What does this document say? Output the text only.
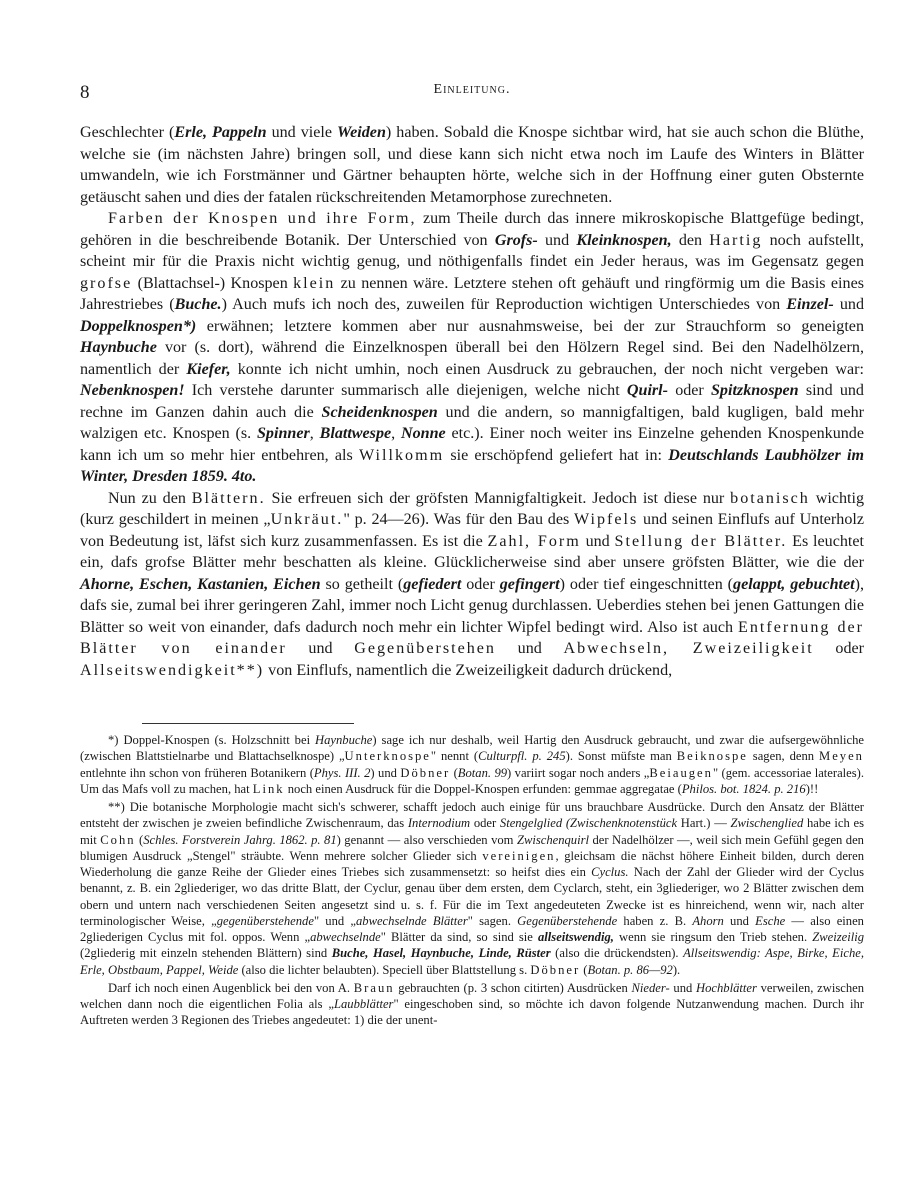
8	Einleitung.

Geschlechter (Erle, Pappeln und viele Weiden) haben. Sobald die Knospe sichtbar wird, hat sie auch schon die Blüthe, welche sie (im nächsten Jahre) bringen soll, und diese kann sich nicht etwa noch im Laufe des Winters in Blätter umwandeln, wie ich Forstmänner und Gärtner behaupten hörte, welche sich in der Hoffnung einer guten Obsternte getäuscht sahen und dies der fatalen rückschreitenden Metamorphose zurechneten.

Farben der Knospen und ihre Form, zum Theile durch das innere mikroskopische Blattgefüge bedingt, gehören in die beschreibende Botanik. Der Unterschied von Grofs- und Kleinknospen, den Hartig noch aufstellt, scheint mir für die Praxis nicht wichtig genug, und nöthigenfalls findet ein Jeder heraus, was im Gegensatz gegen grofse (Blattachsel-) Knospen klein zu nennen wäre. Letztere stehen oft gehäuft und ringförmig um die Basis eines Jahrestriebes (Buche.) Auch mufs ich noch des, zuweilen für Reproduction wichtigen Unterschiedes von Einzel- und Doppelknospen*) erwähnen; letztere kommen aber nur ausnahmsweise, bei der zur Strauchform so geneigten Haynbuche vor (s. dort), während die Einzelknospen überall bei den Hölzern Regel sind. Bei den Nadelhölzern, namentlich der Kiefer, konnte ich nicht umhin, noch einen Ausdruck zu gebrauchen, der noch nicht vergeben war: Nebenknospen! Ich verstehe darunter summarisch alle diejenigen, welche nicht Quirl- oder Spitzknospen sind und rechne im Ganzen dahin auch die Scheidenknospen und die andern, so mannigfaltigen, bald kugligen, bald mehr walzigen etc. Knospen (s. Spinner, Blattwespe, Nonne etc.). Einer noch weiter ins Einzelne gehenden Knospenkunde kann ich um so mehr hier entbehren, als Willkomm sie erschöpfend geliefert hat in: Deutschlands Laubhölzer im Winter, Dresden 1859. 4to.

Nun zu den Blättern. Sie erfreuen sich der gröfsten Mannigfaltigkeit. Jedoch ist diese nur botanisch wichtig (kurz geschildert in meinen „Unkräut." p. 24—26). Was für den Bau des Wipfels und seinen Einflufs auf Unterholz von Bedeutung ist, läfst sich kurz zusammenfassen. Es ist die Zahl, Form und Stellung der Blätter. Es leuchtet ein, dafs grofse Blätter mehr beschatten als kleine. Glücklicherweise sind aber unsere gröfsten Blätter, wie die der Ahorne, Eschen, Kastanien, Eichen so getheilt (gefiedert oder gefingert) oder tief eingeschnitten (gelappt, gebuchtet), dafs sie, zumal bei ihrer geringeren Zahl, immer noch Licht genug durchlassen. Ueberdies stehen bei jenen Gattungen die Blätter so weit von einander, dafs dadurch noch mehr ein lichter Wipfel bedingt wird. Also ist auch Entfernung der Blätter von einander und Gegenüberstehen und Abwechseln, Zweizeiligkeit oder Allseitswendigkeit**) von Einflufs, namentlich die Zweizeiligkeit dadurch drückend,

*) Doppel-Knospen (s. Holzschnitt bei Haynbuche) sage ich nur deshalb, weil Hartig den Ausdruck gebraucht, und zwar die aufsergewöhnliche (zwischen Blattstielnarbe und Blattachselknospe) „Unterknospe" nennt (Culturpfl. p. 245). Sonst müfste man Beiknospe sagen, denn Meyen entlehnte ihn schon von früheren Botanikern (Phys. III. 2) und Döbner (Botan. 99) variirt sogar noch anders „Beiaugen" (gem. accessoriae laterales). Um das Mafs voll zu machen, hat Link noch einen Ausdruck für die Doppel-Knospen erfunden: gemmae aggregatae (Philos. bot. 1824. p. 216)!!

**) Die botanische Morphologie macht sich's schwerer, schafft jedoch auch einige für uns brauchbare Ausdrücke. Durch den Ansatz der Blätter entsteht der zwischen je zweien befindliche Zwischenraum, das Internodium oder Stengelglied (Zwischenknotenstück Hart.) — Zwischenglied habe ich es mit Cohn (Schles. Forstverein Jahrg. 1862. p. 81) genannt — also verschieden vom Zwischenquirl der Nadelhölzer —, weil sich mein Gefühl gegen den blumigen Ausdruck „Stengel" sträubte. Wenn mehrere solcher Glieder sich vereinigen, gleichsam die nächst höhere Einheit bilden, durch deren Wiederholung die ganze Reihe der Glieder eines Triebes sich zusammensetzt: so heifst dies ein Cyclus. Nach der Zahl der Glieder wird der Cyclus benannt, z. B. ein 2gliederiger, wo das dritte Blatt, der Cyclur, genau über dem ersten, dem Cyclarch, steht, ein 3gliederiger, wo 2 Blätter zwischen dem obern und untern nach verschiedenen Seiten angesetzt sind u. s. f. Für die im Text angedeuteten Zwecke ist es hinreichend, wenn wir, nach alter terminologischer Weise, „gegenüberstehende" und „abwechselnde Blätter" sagen. Gegenüberstehende haben z. B. Ahorn und Esche — also einen 2gliederigen Cyclus mit fol. oppos. Wenn „abwechselnde" Blätter da sind, so sind sie allseitswendig, wenn sie ringsum den Trieb stehen. Zweizeilig (2gliederig mit einzeln stehenden Blättern) sind Buche, Hasel, Haynbuche, Linde, Rüster (also die drückendsten). Allseitswendig: Aspe, Birke, Eiche, Erle, Obstbaum, Pappel, Weide (also die lichter belaubten). Speciell über Blattstellung s. Döbner (Botan. p. 86—92).

Darf ich noch einen Augenblick bei den von A. Braun gebrauchten (p. 3 schon citirten) Ausdrücken Nieder- und Hochblätter verweilen, zwischen welchen dann noch die eigentlichen Folia als „Laubblätter" eingeschoben sind, so möchte ich davon folgende Nutzanwendung machen. Durch ihr Auftreten werden 3 Regionen des Triebes angedeutet: 1) die der unent-
